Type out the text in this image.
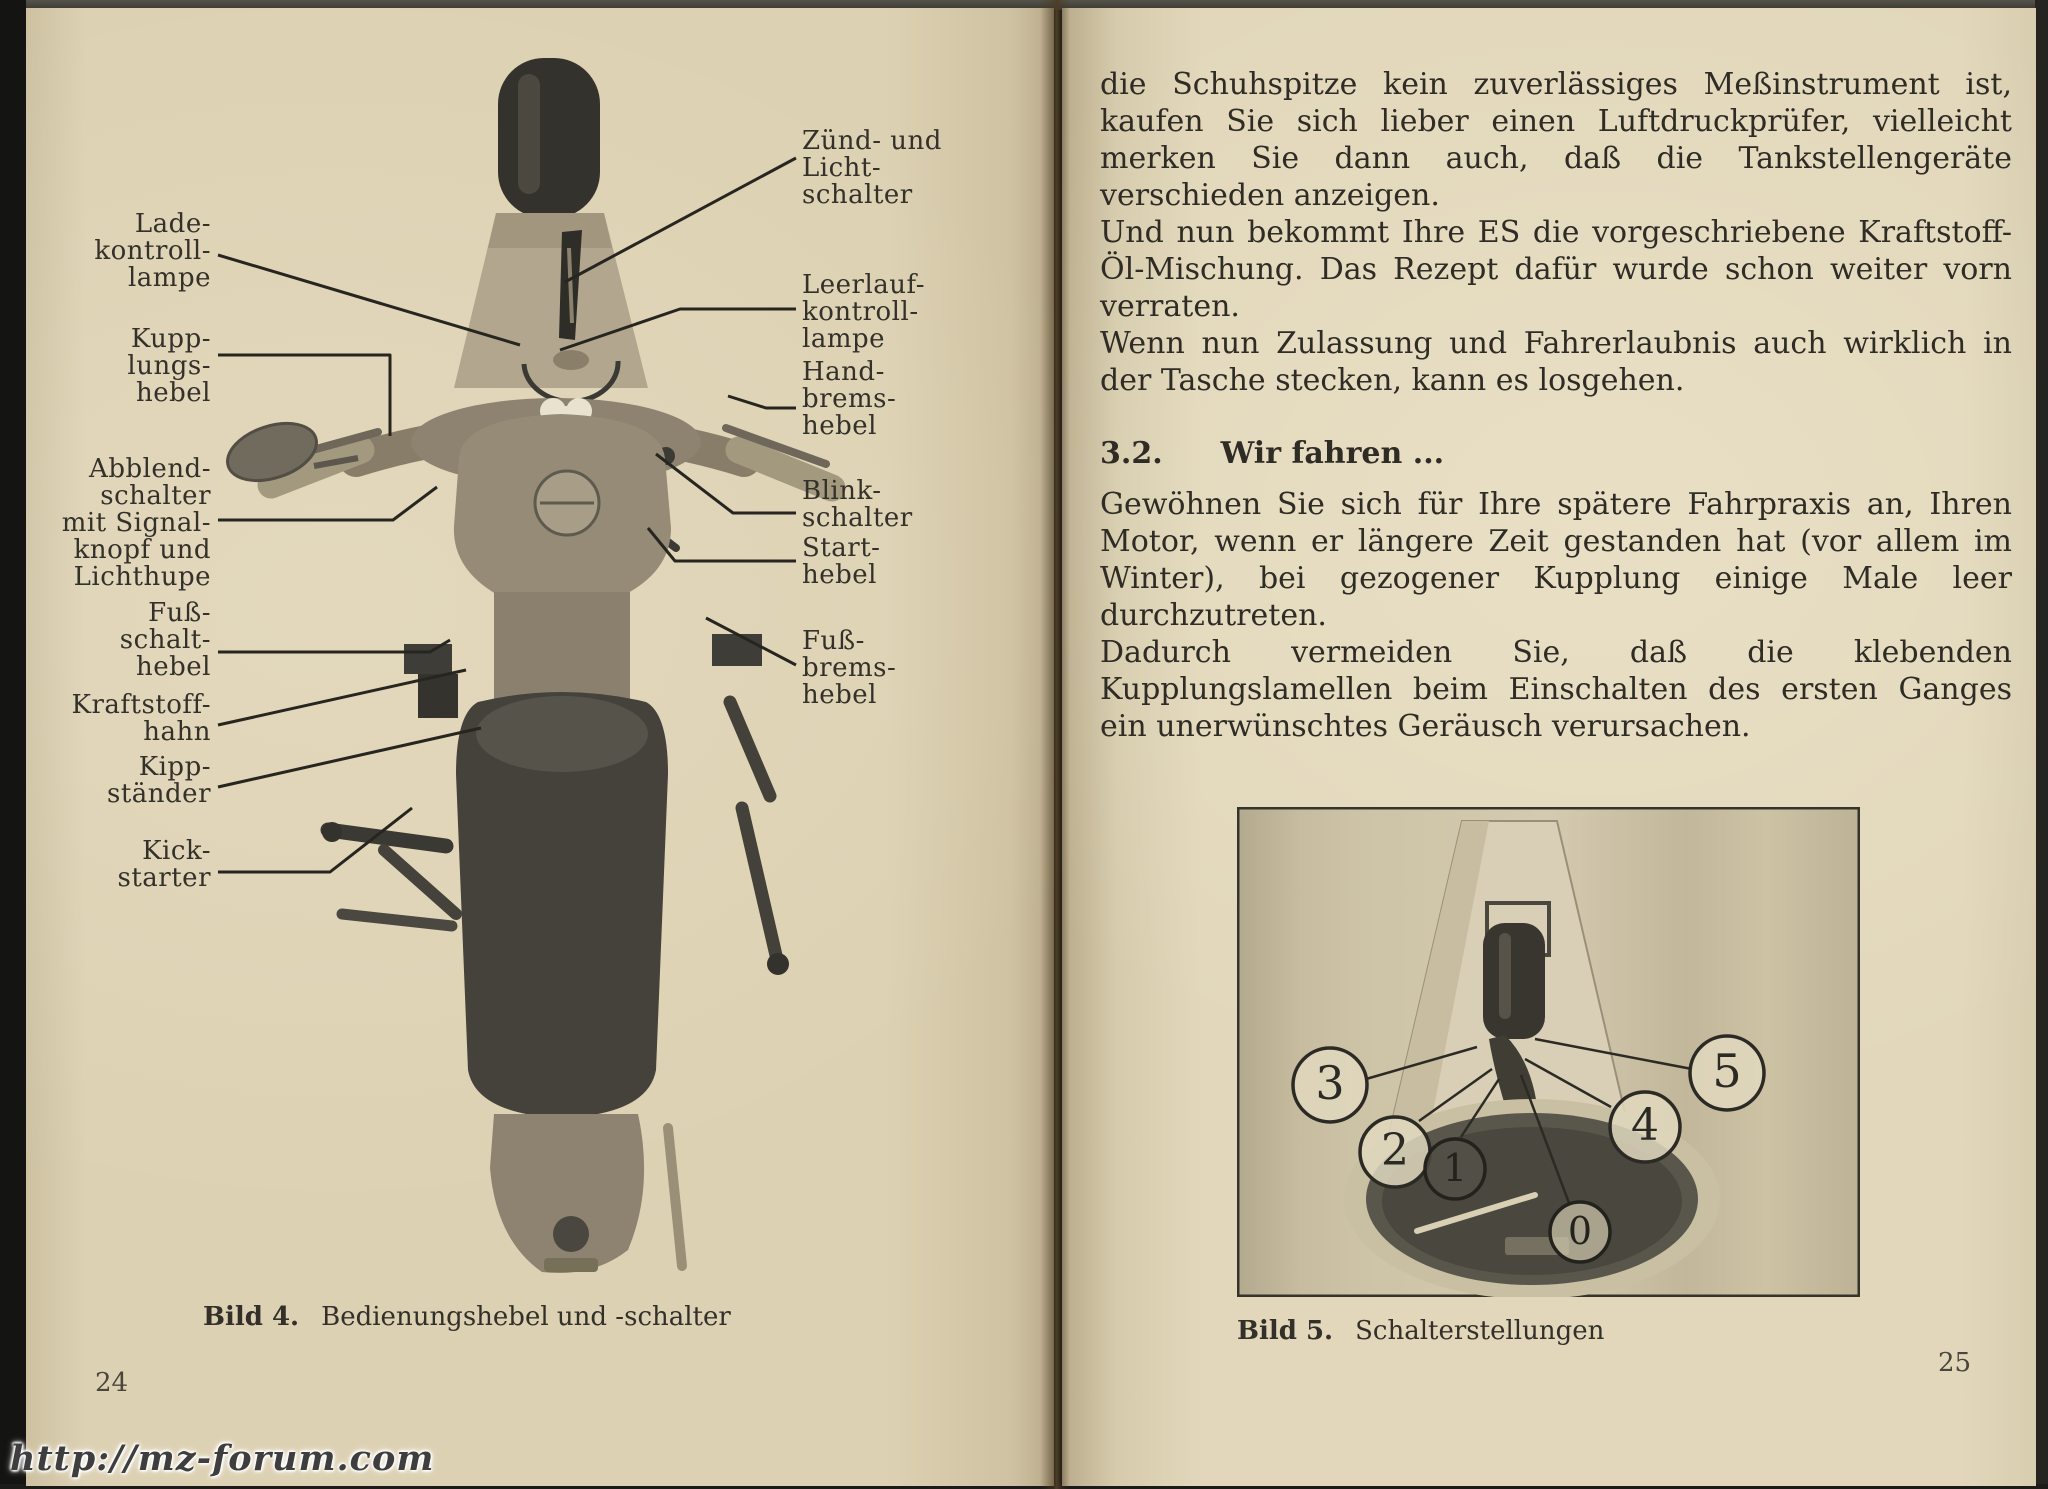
Lade-
kontroll-
lampe
Kupp-
lungs-
hebel
Abblend-
schalter
mit Signal-
knopf und
Lichthupe
Fuß-
schalt-
hebel
Kraftstoff-
hahn
Kipp-
ständer
Kick-
starter
Zünd- und
Licht-
schalter
Leerlauf-
kontroll-
lampe
Hand-
brems-
hebel
Blink-
schalter
Start-
hebel
Fuß-
brems-
hebel
Bild 4. Bedienungshebel und -schalter
24

die Schuhspitze kein zuverlässiges Meßinstrument ist, kaufen Sie sich lieber einen Luftdruckprüfer, vielleicht merken Sie dann auch, daß die Tankstellengeräte verschieden anzeigen.

Und nun bekommt Ihre ES die vorgeschriebene Kraftstoff-Öl-Mischung. Das Rezept dafür wurde schon weiter vorn verraten.

Wenn nun Zulassung und Fahrerlaubnis auch wirklich in der Tasche stecken, kann es losgehen.

3.2. Wir fahren ...

Gewöhnen Sie sich für Ihre spätere Fahrpraxis an, Ihren Motor, wenn er längere Zeit gestanden hat (vor allem im Winter), bei gezogener Kupplung einige Male leer durchzutreten.

Dadurch vermeiden Sie, daß die klebenden Kupplungslamellen beim Einschalten des ersten Ganges ein unerwünschtes Geräusch verursachen.

3
2 1
0
4
5
Bild 5. Schalterstellungen
25
http://mz-forum.com
